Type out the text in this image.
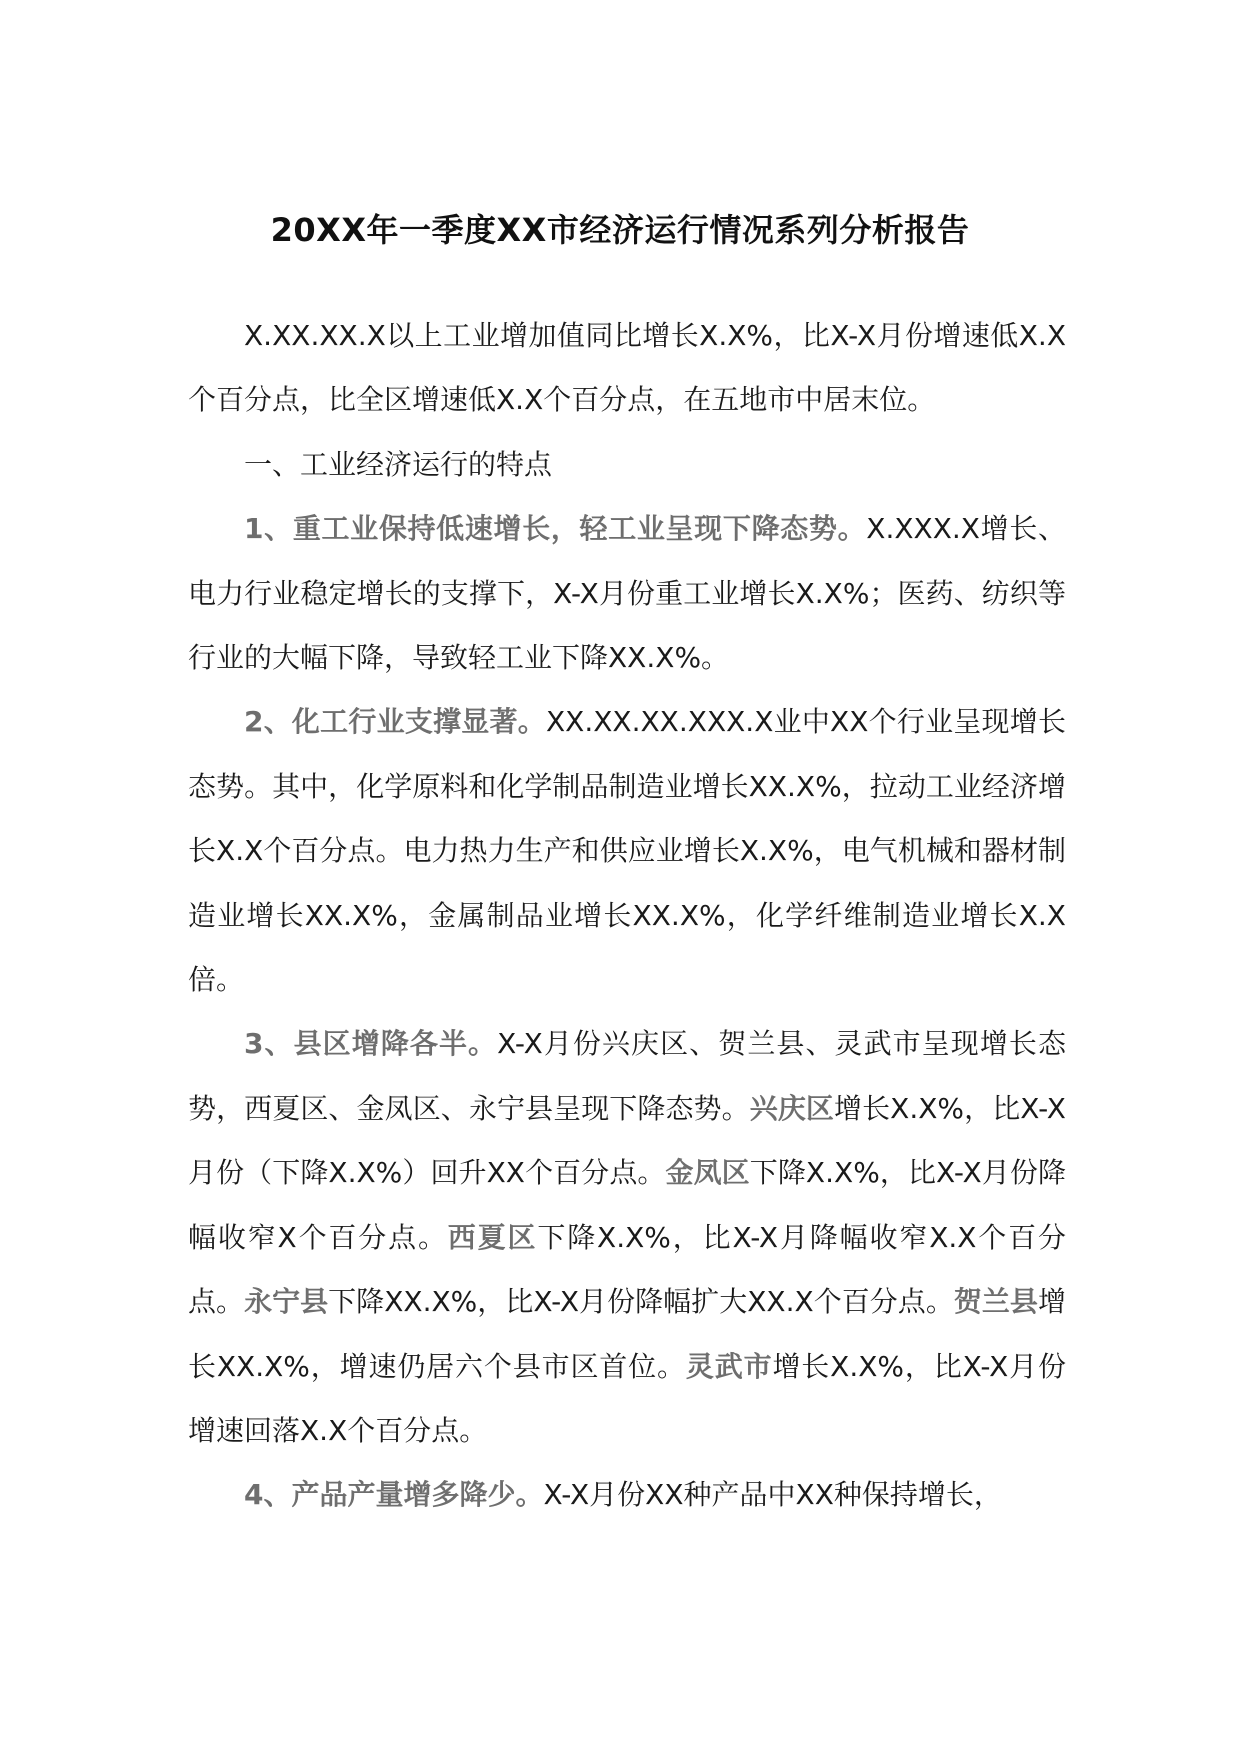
20XX年一季度XX市经济运行情况系列分析报告

X.XX.XX.X以上工业增加值同比增长X.X%，比X-X月份增速低X.X个百分点，比全区增速低X.X个百分点，在五地市中居末位。

一、工业经济运行的特点

1、重工业保持低速增长，轻工业呈现下降态势。X.XXX.X增长、电力行业稳定增长的支撑下，X-X月份重工业增长X.X%；医药、纺织等行业的大幅下降，导致轻工业下降XX.X%。

2、化工行业支撑显著。XX.XX.XX.XXX.X业中XX个行业呈现增长态势。其中，化学原料和化学制品制造业增长XX.X%，拉动工业经济增长X.X个百分点。电力热力生产和供应业增长X.X%，电气机械和器材制造业增长XX.X%，金属制品业增长XX.X%，化学纤维制造业增长X.X倍。

3、县区增降各半。X-X月份兴庆区、贺兰县、灵武市呈现增长态势，西夏区、金凤区、永宁县呈现下降态势。兴庆区增长X.X%，比X-X月份（下降X.X%）回升XX个百分点。金凤区下降X.X%，比X-X月份降幅收窄X个百分点。西夏区下降X.X%，比X-X月降幅收窄X.X个百分点。永宁县下降XX.X%，比X-X月份降幅扩大XX.X个百分点。贺兰县增长XX.X%，增速仍居六个县市区首位。灵武市增长X.X%，比X-X月份增速回落X.X个百分点。

4、产品产量增多降少。X-X月份XX种产品中XX种保持增长，
